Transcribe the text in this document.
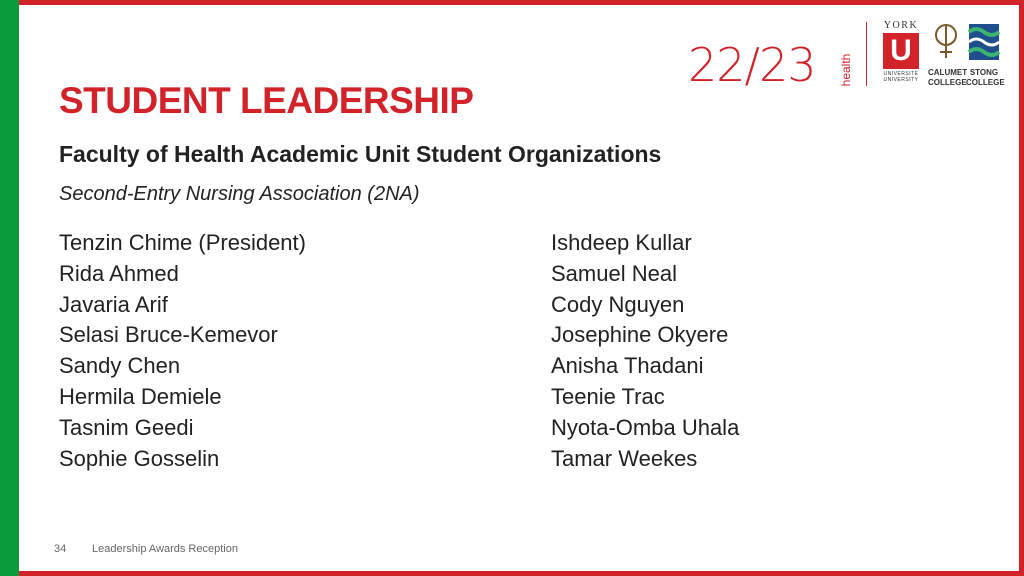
22/23 health
YORK
U
UNIVERSITÉ UNIVERSITY
CALUMET
COLLEGE
STONG
COLLEGE
STUDENT LEADERSHIP
Faculty of Health Academic Unit Student Organizations
Second-Entry Nursing Association (2NA)
Tenzin Chime (President)
Rida Ahmed
Javaria Arif
Selasi Bruce-Kemevor
Sandy Chen
Hermila Demiele
Tasnim Geedi
Sophie Gosselin
Ishdeep Kullar
Samuel Neal
Cody Nguyen
Josephine Okyere
Anisha Thadani
Teenie Trac
Nyota-Omba Uhala
Tamar Weekes
34 Leadership Awards Reception
